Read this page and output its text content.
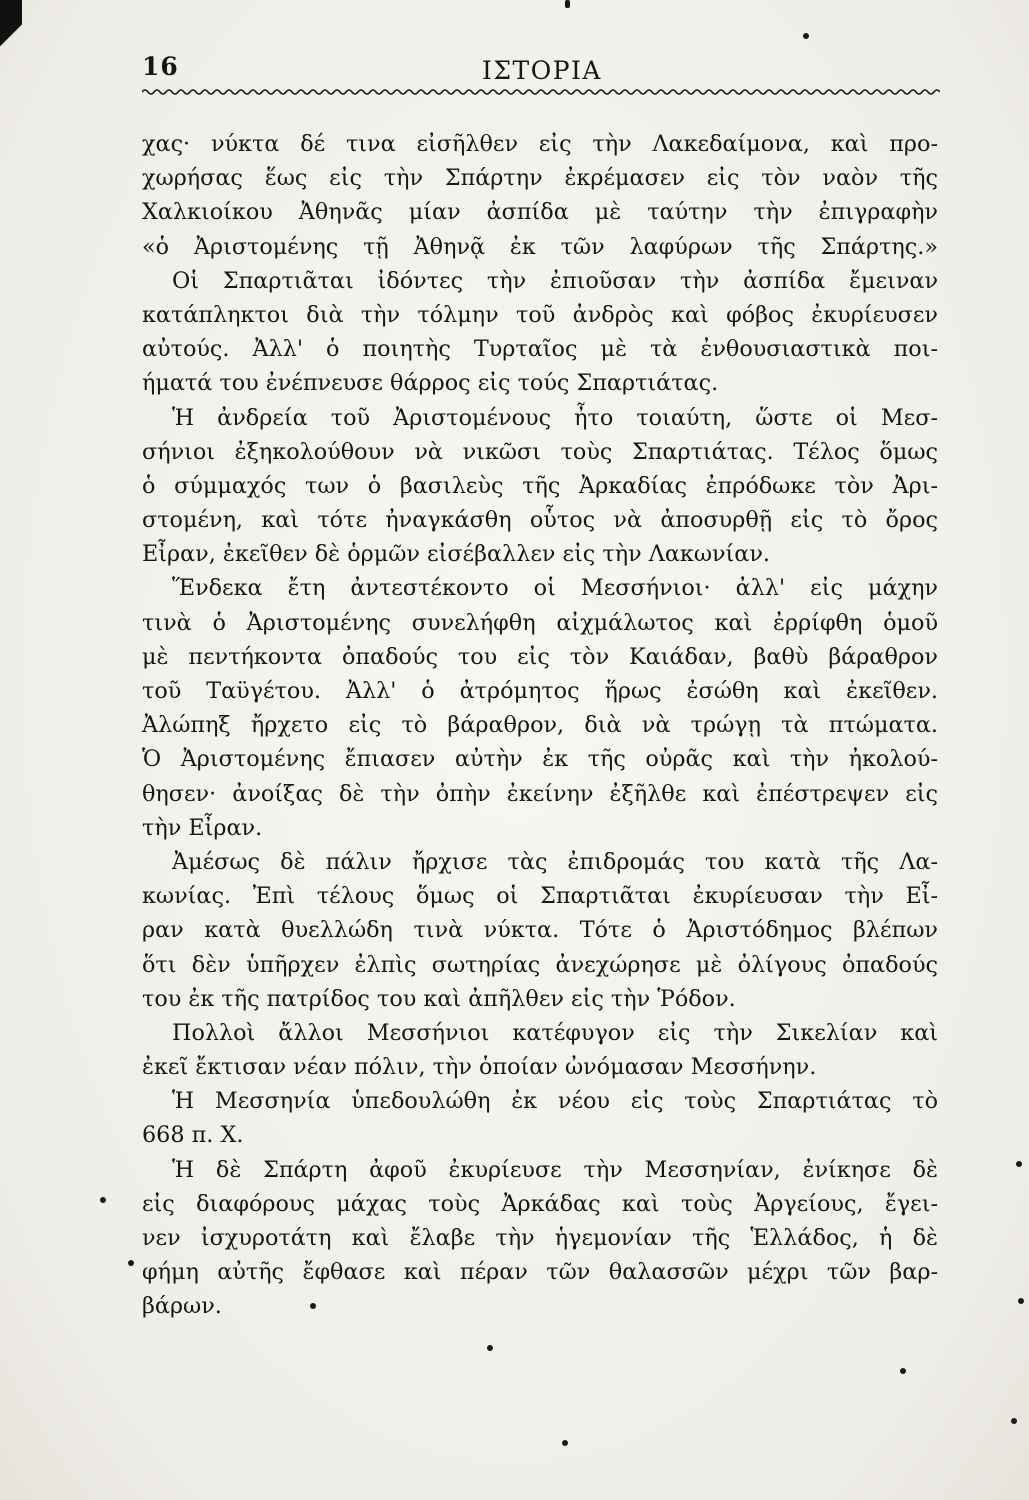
16	ΙΣΤΟΡΙΑ
χας· νύκτα δέ τινα εἰσῆλθεν εἰς τὴν Λακεδαίμονα, καὶ προ-
χωρήσας ἕως εἰς τὴν Σπάρτην ἐκρέμασεν εἰς τὸν ναὸν τῆς
Χαλκιοίκου Ἀθηνᾶς μίαν ἀσπίδα μὲ ταύτην τὴν ἐπιγραφὴν
«ὁ Ἀριστομένης τῇ Ἀθηνᾷ ἐκ τῶν λαφύρων τῆς Σπάρτης.»
Οἱ Σπαρτιᾶται ἰδόντες τὴν ἐπιοῦσαν τὴν ἀσπίδα ἔμειναν
κατάπληκτοι διὰ τὴν τόλμην τοῦ ἀνδρὸς καὶ φόβος ἐκυρίευσεν
αὐτούς. Ἀλλ' ὁ ποιητὴς Τυρταῖος μὲ τὰ ἐνθουσιαστικὰ ποι-
ήματά του ἐνέπνευσε θάρρος εἰς τούς Σπαρτιάτας.
Ἡ ἀνδρεία τοῦ Ἀριστομένους ἦτο τοιαύτη, ὥστε οἱ Μεσ-
σήνιοι ἐξηκολούθουν νὰ νικῶσι τοὺς Σπαρτιάτας. Τέλος ὅμως
ὁ σύμμαχός των ὁ βασιλεὺς τῆς Ἀρκαδίας ἐπρόδωκε τὸν Ἀρι-
στομένη, καὶ τότε ἠναγκάσθη οὗτος νὰ ἀποσυρθῇ εἰς τὸ ὄρος
Εἶραν, ἐκεῖθεν δὲ ὁρμῶν εἰσέβαλλεν εἰς τὴν Λακωνίαν.
Ἕνδεκα ἔτη ἀντεστέκοντο οἱ Μεσσήνιοι· ἀλλ' εἰς μάχην
τινὰ ὁ Ἀριστομένης συνελήφθη αἰχμάλωτος καὶ ἐρρίφθη ὁμοῦ
μὲ πεντήκοντα ὀπαδούς του εἰς τὸν Καιάδαν, βαθὺ βάραθρον
τοῦ Ταϋγέτου. Ἀλλ' ὁ ἀτρόμητος ἥρως ἐσώθη καὶ ἐκεῖθεν.
Ἀλώπηξ ἤρχετο εἰς τὸ βάραθρον, διὰ νὰ τρώγῃ τὰ πτώματα.
Ὁ Ἀριστομένης ἔπιασεν αὐτὴν ἐκ τῆς οὐρᾶς καὶ τὴν ἠκολού-
θησεν· ἀνοίξας δὲ τὴν ὀπὴν ἐκείνην ἐξῆλθε καὶ ἐπέστρεψεν εἰς
τὴν Εἶραν.
Ἀμέσως δὲ πάλιν ἤρχισε τὰς ἐπιδρομάς του κατὰ τῆς Λα-
κωνίας. Ἐπὶ τέλους ὅμως οἱ Σπαρτιᾶται ἐκυρίευσαν τὴν Εἶ-
ραν κατὰ θυελλώδη τινὰ νύκτα. Τότε ὁ Ἀριστόδημος βλέπων
ὅτι δὲν ὑπῆρχεν ἐλπὶς σωτηρίας ἀνεχώρησε μὲ ὀλίγους ὀπαδούς
του ἐκ τῆς πατρίδος του καὶ ἀπῆλθεν εἰς τὴν Ῥόδον.
Πολλοὶ ἄλλοι Μεσσήνιοι κατέφυγον εἰς τὴν Σικελίαν καὶ
ἐκεῖ ἔκτισαν νέαν πόλιν, τὴν ὁποίαν ὠνόμασαν Μεσσήνην.
Ἡ Μεσσηνία ὑπεδουλώθη ἐκ νέου εἰς τοὺς Σπαρτιάτας τὸ
668 π. Χ.
Ἡ δὲ Σπάρτη ἀφοῦ ἐκυρίευσε τὴν Μεσσηνίαν, ἐνίκησε δὲ
εἰς διαφόρους μάχας τοὺς Ἀρκάδας καὶ τοὺς Ἀργείους, ἔγει-
νεν ἰσχυροτάτη καὶ ἔλαβε τὴν ἡγεμονίαν τῆς Ἑλλάδος, ἡ δὲ
φήμη αὐτῆς ἔφθασε καὶ πέραν τῶν θαλασσῶν μέχρι τῶν βαρ-
βάρων.
